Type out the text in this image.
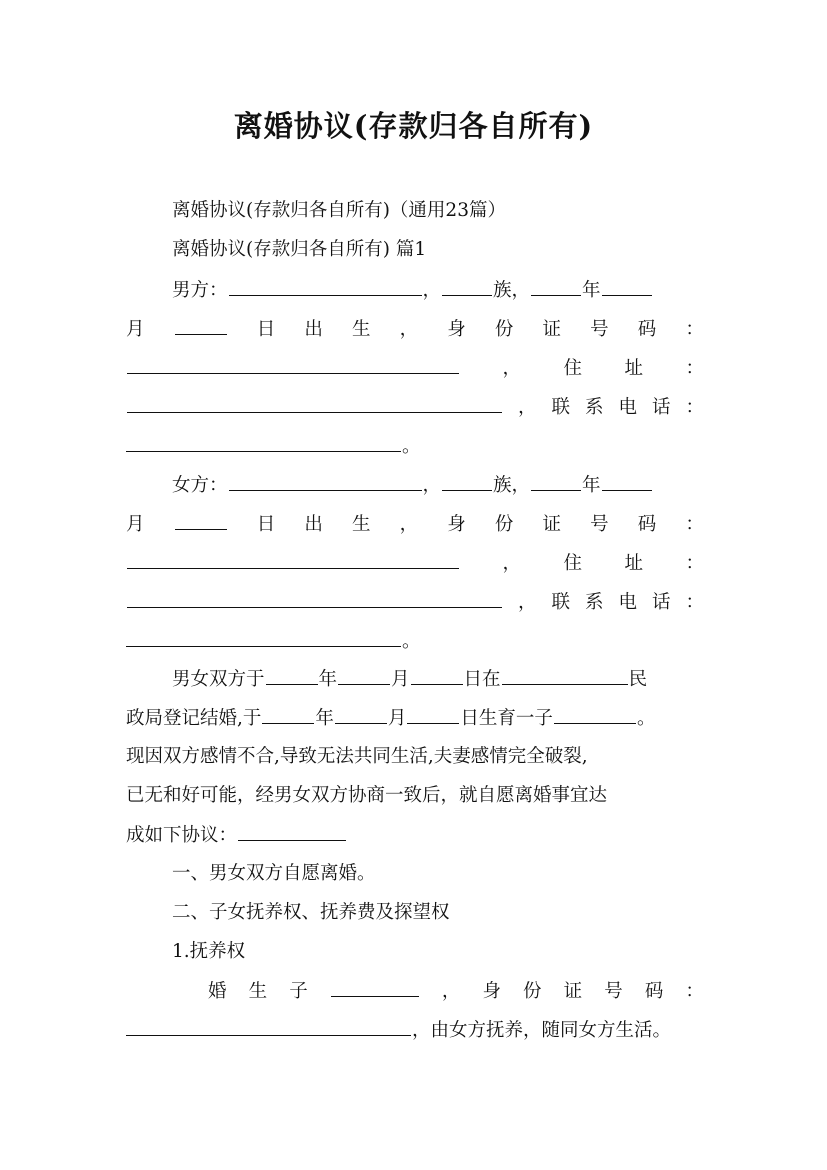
离婚协议(存款归各自所有)
离婚协议(存款归各自所有)（通用23篇）
离婚协议(存款归各自所有) 篇1
男方：	，	族，	年
月	日 出 生 ， 身 份 证 号 码 ：
， 住 址 ：
， 联 系 电 话 ：
。
女方：	，	族，	年
月	日 出 生 ， 身 份 证 号 码 ：
， 住 址 ：
， 联 系 电 话 ：
。
男女双方于	年	月	日在	民
政局登记结婚,于	年	月	日生育一子	。
现因双方感情不合,导致无法共同生活,夫妻感情完全破裂,
已无和好可能，经男女双方协商一致后，就自愿离婚事宜达
成如下协议：
一、男女双方自愿离婚。
二、子女抚养权、抚养费及探望权
1.抚养权
婚 生 子	， 身 份 证 号 码 ：
，由女方抚养，随同女方生活。
